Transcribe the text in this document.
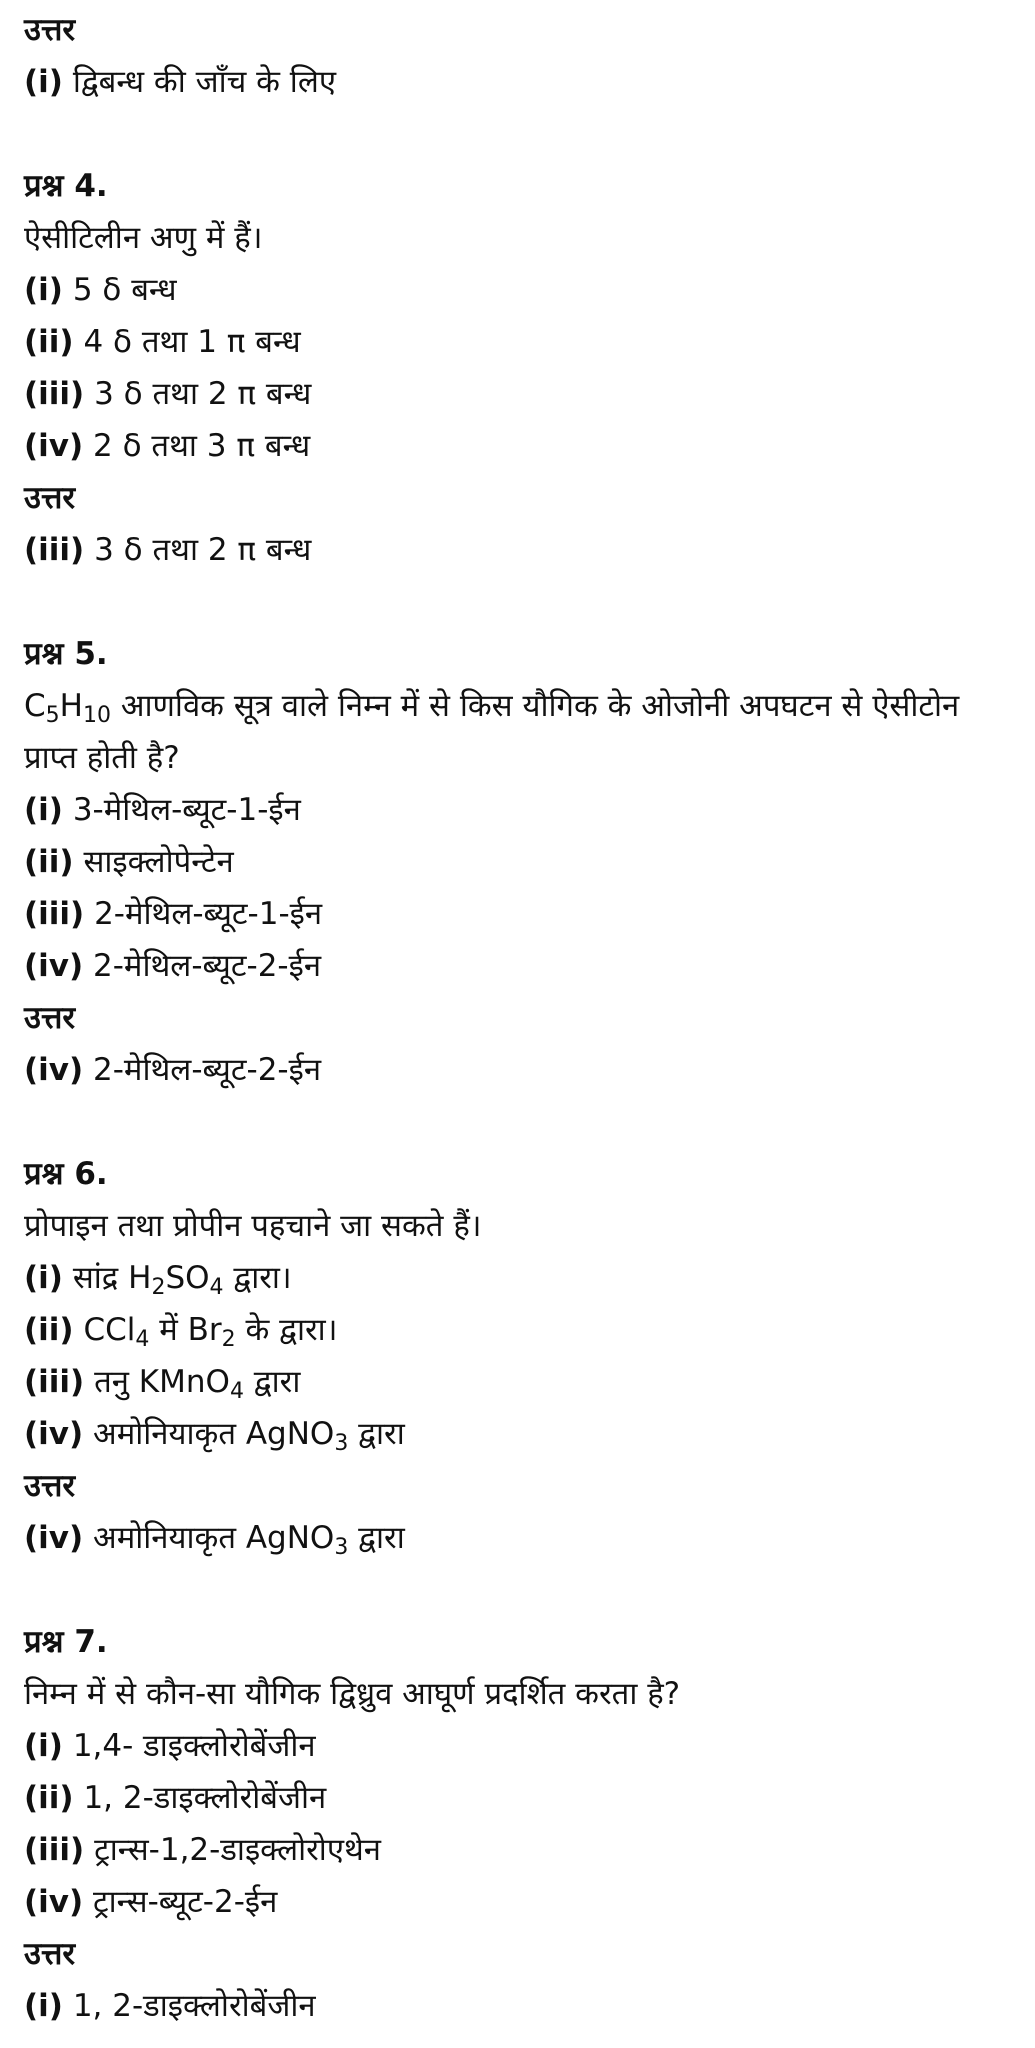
उत्तर
(i) द्विबन्ध की जाँच के लिए
प्रश्न 4.
ऐसीटिलीन अणु में हैं।
(i) 5 δ बन्ध
(ii) 4 δ तथा 1 π बन्ध
(iii) 3 δ तथा 2 π बन्ध
(iv) 2 δ तथा 3 π बन्ध
उत्तर
(iii) 3 δ तथा 2 π बन्ध
प्रश्न 5.
$C_5H_{10}$ आणविक सूत्र वाले निम्न में से किस यौगिक के ओजोनी अपघटन से ऐसीटोन प्राप्त होती है?
(i) 3-मेथिल-ब्यूट-1-ईन
(ii) साइक्लोपेन्टेन
(iii) 2-मेथिल-ब्यूट-1-ईन
(iv) 2-मेथिल-ब्यूट-2-ईन
उत्तर
(iv) 2-मेथिल-ब्यूट-2-ईन
प्रश्न 6.
प्रोपाइन तथा प्रोपीन पहचाने जा सकते हैं।
(i) सांद्र $H_2SO_4$ द्वारा।
(ii) CCl$_4$ में $Br_2$ के द्वारा।
(iii) तनु KMnO$_4$ द्वारा
(iv) अमोनियाकृत AgNO$_3$ द्वारा
उत्तर
(iv) अमोनियाकृत AgNO$_3$ द्वारा
प्रश्न 7.
निम्न में से कौन-सा यौगिक द्विध्रुव आघूर्ण प्रदर्शित करता है?
(i) 1,4- डाइक्लोरोबेंजीन
(ii) 1, 2-डाइक्लोरोबेंजीन
(iii) ट्रान्स-1,2-डाइक्लोरोएथेन
(iv) ट्रान्स-ब्यूट-2-ईन
उत्तर
(i) 1, 2-डाइक्लोरोबेंजीन
